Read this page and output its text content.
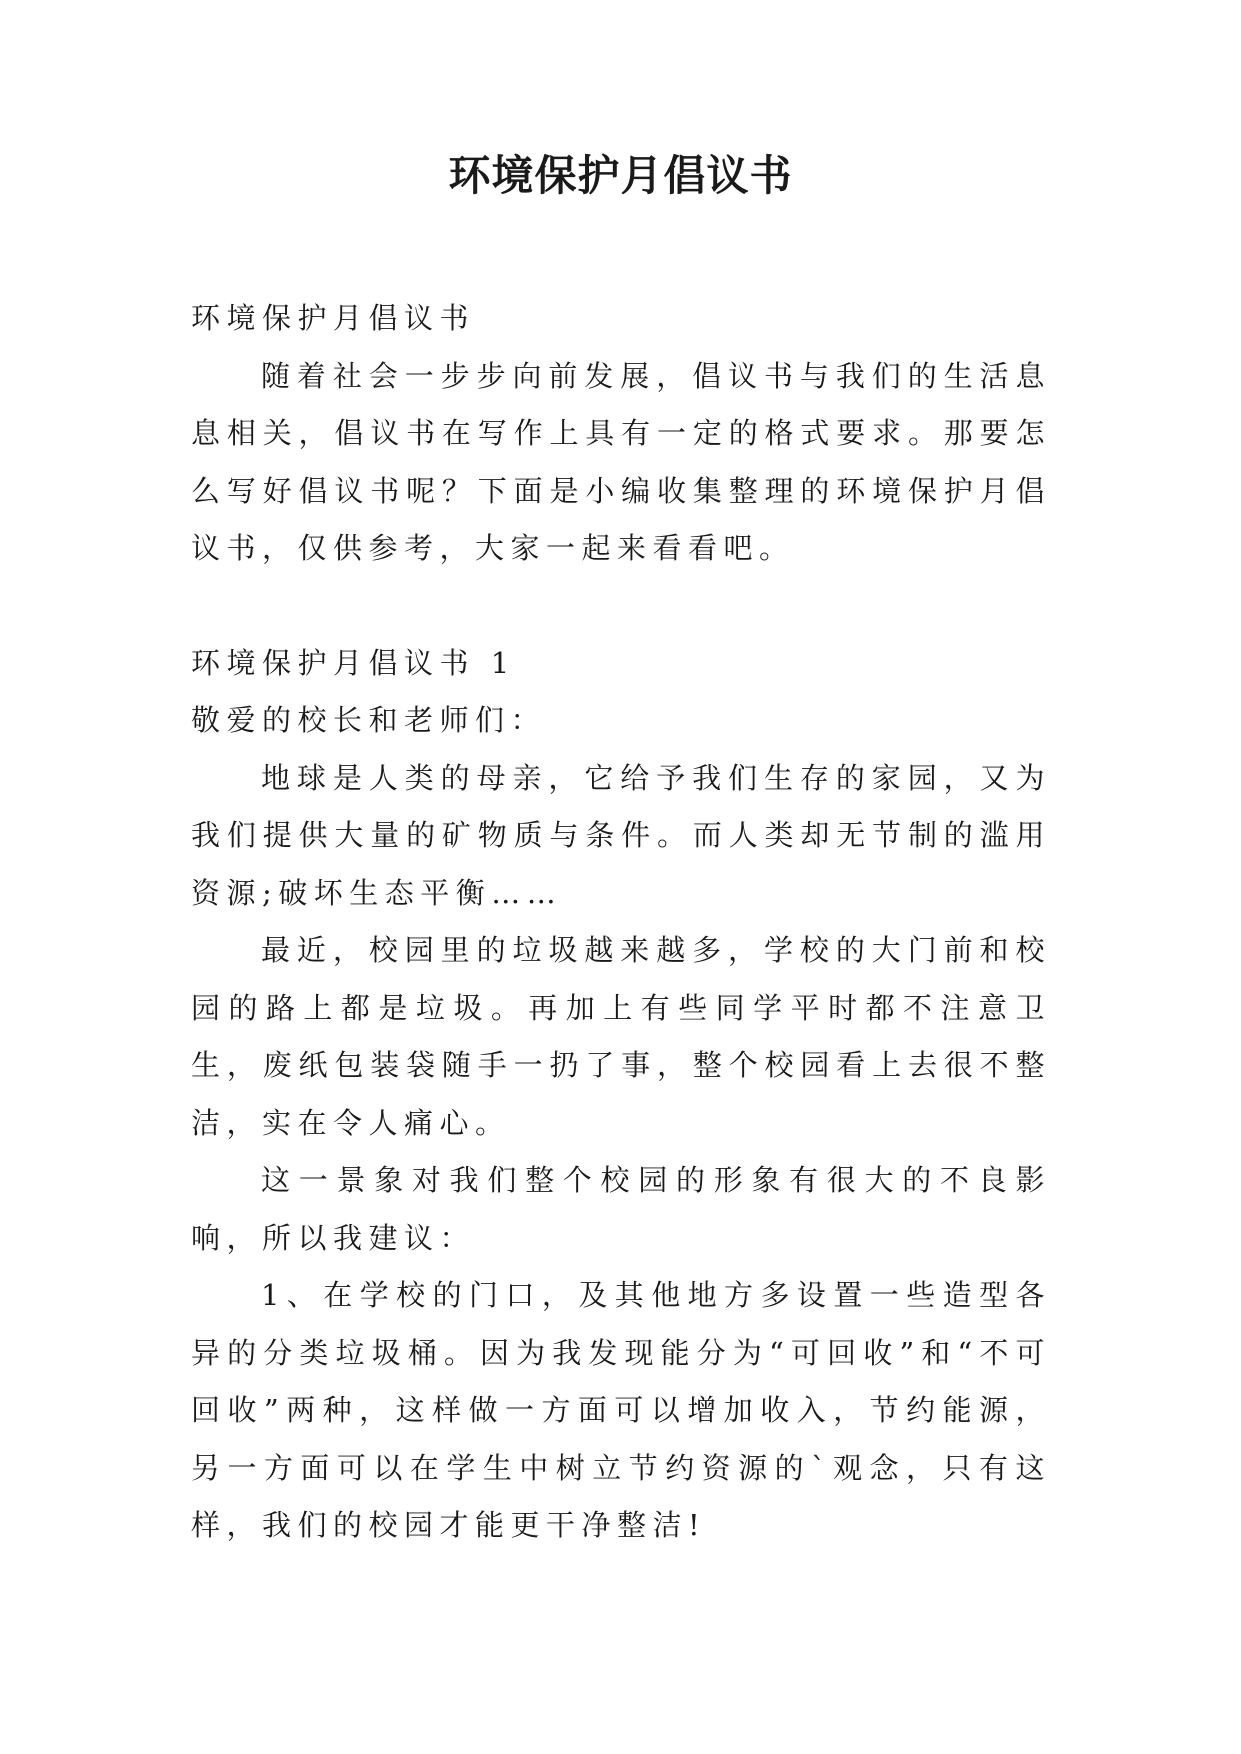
环境保护月倡议书

环境保护月倡议书

随着社会一步步向前发展，倡议书与我们的生活息息相关，倡议书在写作上具有一定的格式要求。那要怎么写好倡议书呢？下面是小编收集整理的环境保护月倡议书，仅供参考，大家一起来看看吧。

环境保护月倡议书 1

敬爱的校长和老师们：

地球是人类的母亲，它给予我们生存的家园，又为我们提供大量的矿物质与条件。而人类却无节制的滥用资源;破坏生态平衡……

最近，校园里的垃圾越来越多，学校的大门前和校园的路上都是垃圾。再加上有些同学平时都不注意卫生，废纸包装袋随手一扔了事，整个校园看上去很不整洁，实在令人痛心。

这一景象对我们整个校园的形象有很大的不良影响，所以我建议：

1、在学校的门口，及其他地方多设置一些造型各异的分类垃圾桶。因为我发现能分为“可回收”和“不可回收”两种，这样做一方面可以增加收入，节约能源，另一方面可以在学生中树立节约资源的`观念，只有这样，我们的校园才能更干净整洁!
